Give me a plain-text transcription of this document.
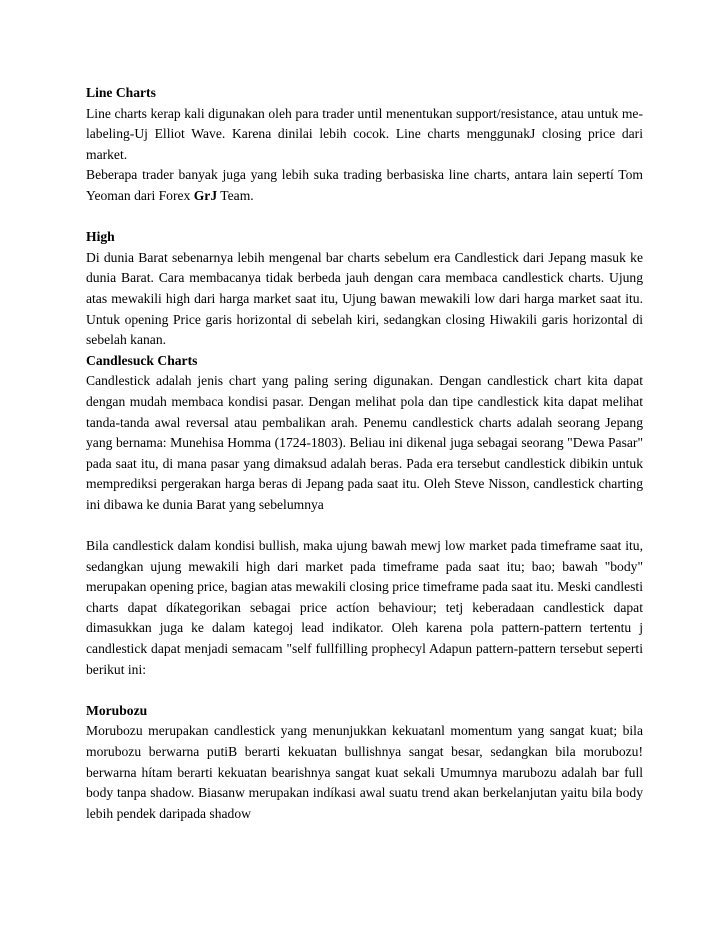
Line Charts

Line charts kerap kali digunakan oleh para trader until menentukan support/resistance, atau untuk me-labeling-Uj Elliot Wave. Karena dinilai lebih cocok. Line charts menggunakJ closing price dari market.

Beberapa trader banyak juga yang lebih suka trading berbasiska line charts, antara lain sepertí Tom Yeoman dari Forex GrJ Team.

High

Di dunia Barat sebenarnya lebih mengenal bar charts sebelum era Candlestick dari Jepang masuk ke dunia Barat. Cara membacanya tidak berbeda jauh dengan cara membaca candlestick charts. Ujung atas mewakili high dari harga market saat itu, Ujung bawan mewakili low dari harga market saat itu. Untuk opening Price garis horizontal di sebelah kiri, sedangkan closing Hiwakili garis horizontal di sebelah kanan.

Candlesuck Charts

Candlestick adalah jenis chart yang paling sering digunakan. Dengan candlestick chart kita dapat dengan mudah membaca kondisi pasar. Dengan melihat pola dan tipe candlestick kita dapat melihat tanda-tanda awal reversal atau pembalikan arah. Penemu candlestick charts adalah seorang Jepang yang bernama: Munehisa Homma (1724-1803). Beliau ini dikenal juga sebagai seorang "Dewa Pasar" pada saat itu, di mana pasar yang dimaksud adalah beras. Pada era tersebut candlestick dibikin untuk memprediksi pergerakan harga beras di Jepang pada saat itu. Oleh Steve Nisson, candlestick charting ini dibawa ke dunia Barat yang sebelumnya

Bila candlestick dalam kondisi bullish, maka ujung bawah mewj low market pada timeframe saat itu, sedangkan ujung mewakili high dari market pada timeframe pada saat itu; bao; bawah "body" merupakan opening price, bagian atas mewakili closing price timeframe pada saat itu. Meski candlesti charts dapat díkategorikan sebagai price actíon behaviour; tetj keberadaan candlestick dapat dimasukkan juga ke dalam kategoj lead indikator. Oleh karena pola pattern-pattern tertentu j candlestick dapat menjadi semacam "self fullfilling prophecyl Adapun pattern-pattern tersebut seperti berikut ini:

Morubozu

Morubozu merupakan candlestick yang menunjukkan kekuatanl momentum yang sangat kuat; bila morubozu berwarna putiB berarti kekuatan bullishnya sangat besar, sedangkan bila morubozu! berwarna hítam berarti kekuatan bearishnya sangat kuat sekali Umumnya marubozu adalah bar full body tanpa shadow. Biasanw merupakan indíkasi awal suatu trend akan berkelanjutan yaitu bila body lebih pendek daripada shadow
